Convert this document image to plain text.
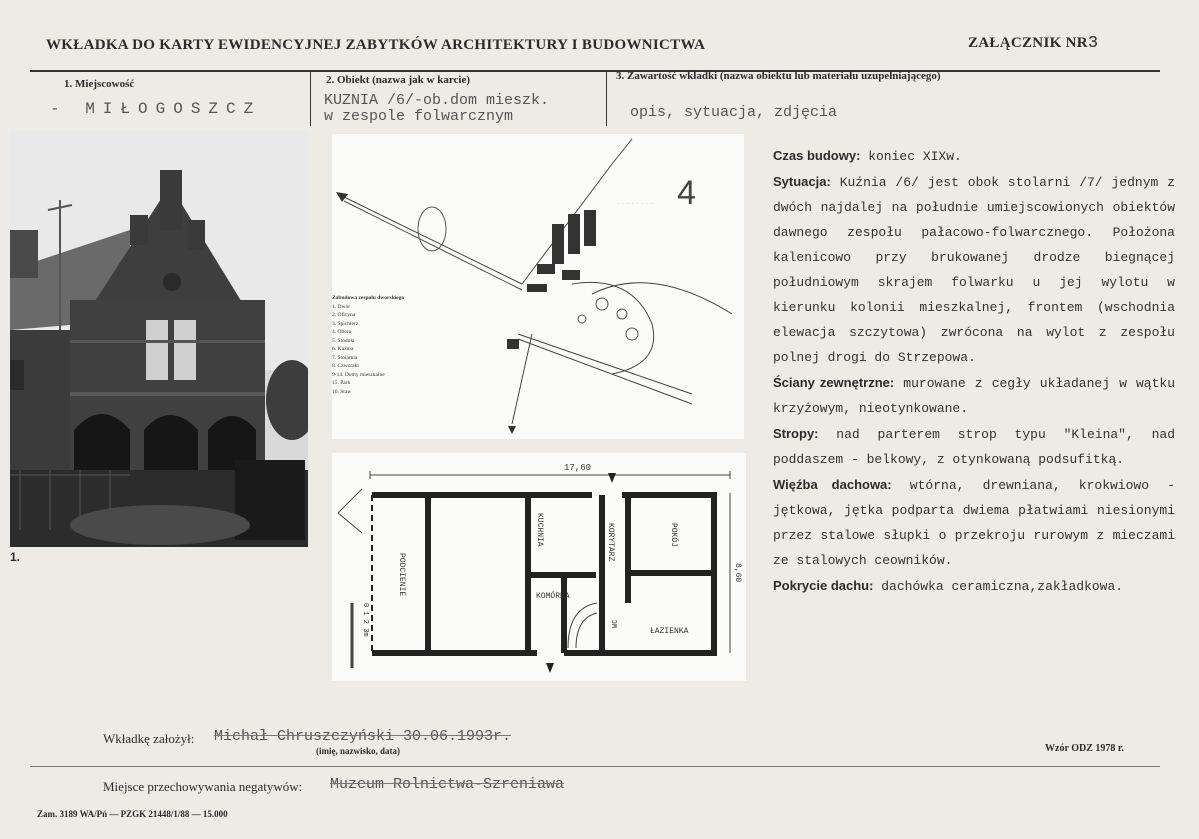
WKŁADKA DO KARTY EWIDENCYJNEJ ZABYTKÓW ARCHITEKTURY I BUDOWNICTWA	ZAŁĄCZNIK NR3
1. Miejscowość
- MIŁOGOSZCZ
2. Obiekt (nazwa jak w karcie)
KUZNIA /6/-ob.dom mieszk.
w zespole folwarcznym
3. Zawartość wkładki (nazwa obiektu lub materiału uzupełniającego)
opis, sytuacja, zdjęcia
1.
4
. . . . . . . .
Zabudowa zespołu dworskiego
1. Dwór
2. Oficyna
3. Spichlerz
4. Obora
5. Stodoła
6. Kuźnia
7. Stolarnia
8. Czworaki
9-14. Domy mieszkalne
15. Park
16. Staw
17,60
8,60
0 1 2 3m
PODCIENIE
KUCHNIA	KORYTARZ	POKÓJ
KOMÓRKA
ŁAZIENKA
WC

Czas budowy: koniec XIXw.

Sytuacja: Kuźnia /6/ jest obok stolarni /7/ jednym z dwóch najdalej na południe umiejscowionych obiektów dawnego zespołu pałacowo-folwarcznego. Położona kalenicowo przy brukowanej drodze biegnącej południowym skrajem folwarku u jej wylotu w kierunku kolonii mieszkalnej, frontem (wschodnia elewacja szczytowa) zwrócona na wylot z zespołu polnej drogi do Strzepowa.

Ściany zewnętrzne: murowane z cegły układanej w wątku krzyżowym, nieotynkowane.

Stropy: nad parterem strop typu "Kleina", nad poddaszem - belkowy, z otynkowaną podsufitką.

Więźba dachowa: wtórna, drewniana, krokwiowo - jętkowa, jętka podparta dwiema płatwiami niesionymi przez stalowe słupki o przekroju rurowym z mieczami ze stalowych ceowników.

Pokrycie dachu: dachówka ceramiczna,zakładkowa.

Wkładkę założył: Michał Chruszczyński 30.06.1993r.
(imię, nazwisko, data)	Wzór ODZ 1978 r.
Miejsce przechowywania negatywów: Muzeum Rolnictwa-Szreniawa
Zam. 3189 WA/Pń — PZGK 21448/1/88 — 15.000
